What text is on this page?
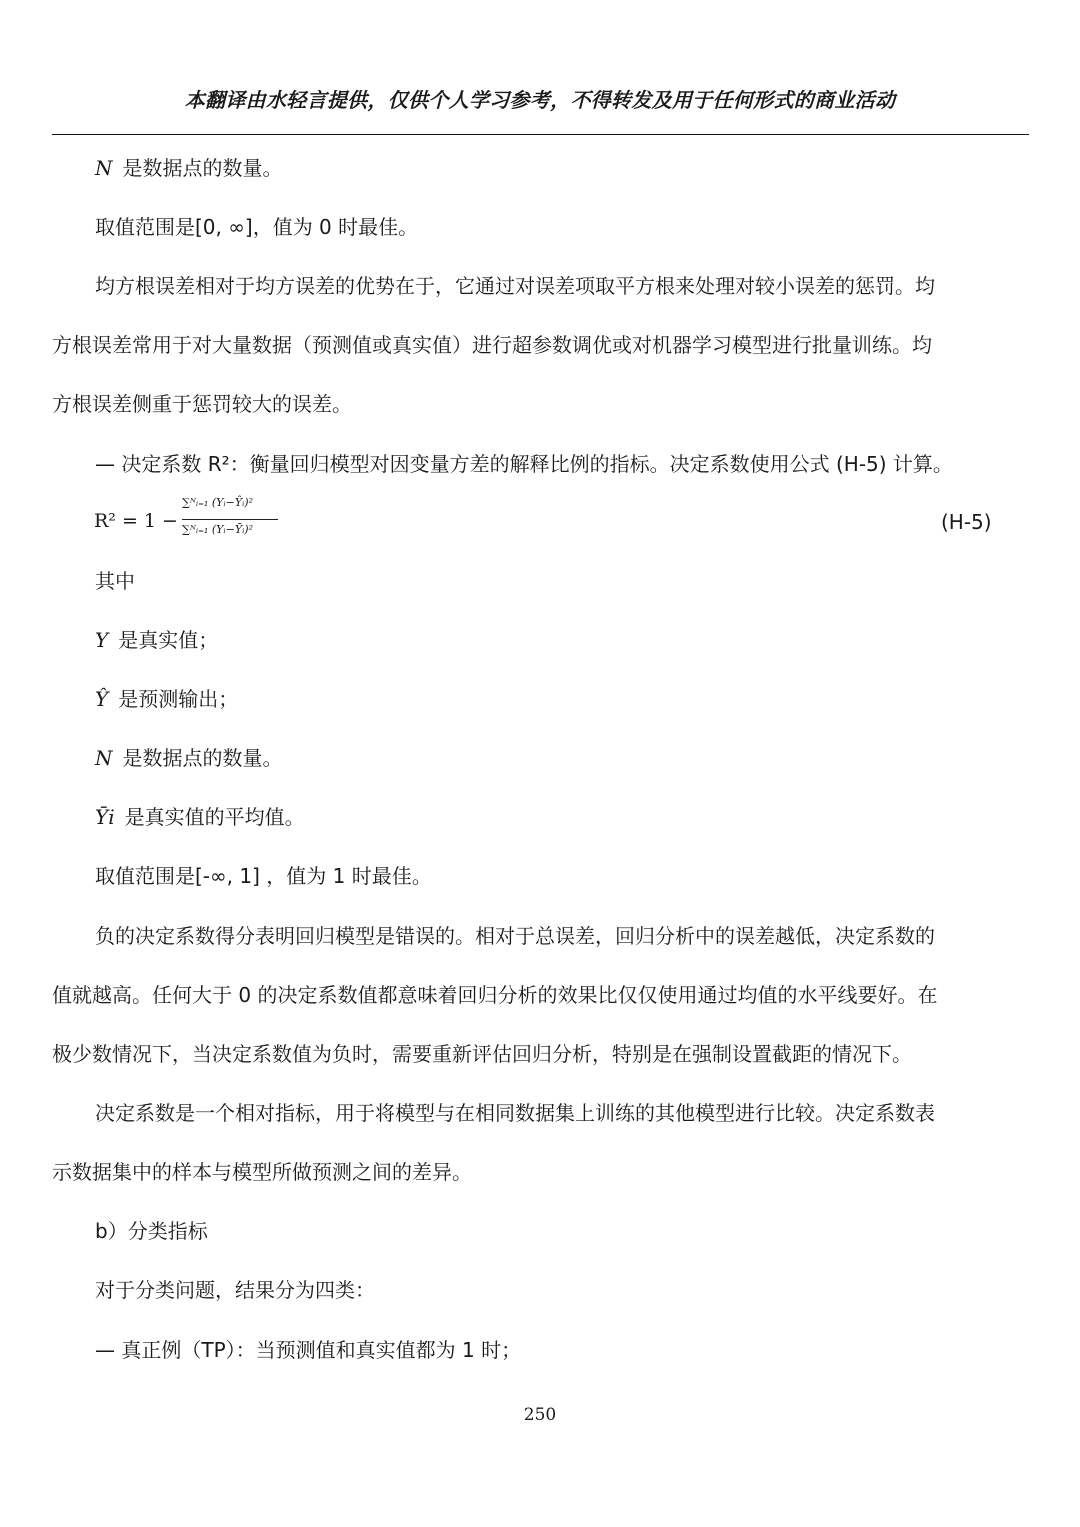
本翻译由水轻言提供，仅供个人学习参考，不得转发及用于任何形式的商业活动
N 是数据点的数量。
取值范围是[0, ∞]，值为 0 时最佳。
均方根误差相对于均方误差的优势在于，它通过对误差项取平方根来处理对较小误差的惩罚。均
方根误差常用于对大量数据（预测值或真实值）进行超参数调优或对机器学习模型进行批量训练。均
方根误差侧重于惩罚较大的误差。
— 决定系数 R²：衡量回归模型对因变量方差的解释比例的指标。决定系数使用公式 (H-5) 计算。
R² = 1 −
∑ᴺᵢ₌₁ (Yᵢ−Ŷᵢ)²
∑ᴺᵢ₌₁ (Yᵢ−Ȳᵢ)²	(H-5)
其中
Y 是真实值；
Ŷ 是预测输出；
N 是数据点的数量。
Ȳi 是真实值的平均值。
取值范围是[-∞, 1] ，值为 1 时最佳。
负的决定系数得分表明回归模型是错误的。相对于总误差，回归分析中的误差越低，决定系数的
值就越高。任何大于 0 的决定系数值都意味着回归分析的效果比仅仅使用通过均值的水平线要好。在
极少数情况下，当决定系数值为负时，需要重新评估回归分析，特别是在强制设置截距的情况下。
决定系数是一个相对指标，用于将模型与在相同数据集上训练的其他模型进行比较。决定系数表
示数据集中的样本与模型所做预测之间的差异。
b）分类指标
对于分类问题，结果分为四类：
— 真正例（TP）：当预测值和真实值都为 1 时；
250
